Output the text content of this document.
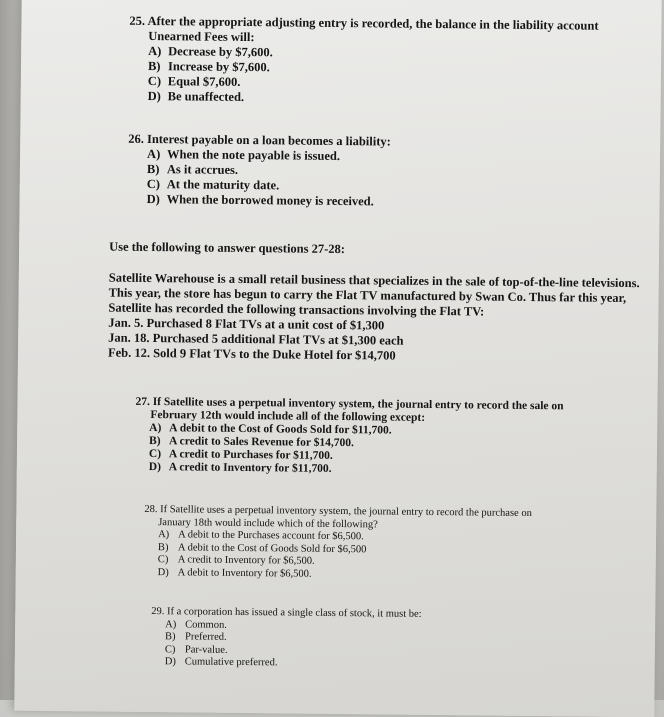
25. After the appropriate adjusting entry is recorded, the balance in the liability account
Unearned Fees will:
A) Decrease by $7,600.
B) Increase by $7,600.
C) Equal $7,600.
D) Be unaffected.
26. Interest payable on a loan becomes a liability:
A) When the note payable is issued.
B) As it accrues.
C) At the maturity date.
D) When the borrowed money is received.
Use the following to answer questions 27-28:

Satellite Warehouse is a small retail business that specializes in the sale of top-of-the-line televisions. This year, the store has begun to carry the Flat TV manufactured by Swan Co. Thus far this year, Satellite has recorded the following transactions involving the Flat TV:

Jan. 5. Purchased 8 Flat TVs at a unit cost of $1,300
Jan. 18. Purchased 5 additional Flat TVs at $1,300 each
Feb. 12. Sold 9 Flat TVs to the Duke Hotel for $14,700
27. If Satellite uses a perpetual inventory system, the journal entry to record the sale on
February 12th would include all of the following except:
A) A debit to the Cost of Goods Sold for $11,700.
B) A credit to Sales Revenue for $14,700.
C) A credit to Purchases for $11,700.
D) A credit to Inventory for $11,700.
28. If Satellite uses a perpetual inventory system, the journal entry to record the purchase on
January 18th would include which of the following?
A) A debit to the Purchases account for $6,500.
B) A debit to the Cost of Goods Sold for $6,500
C) A credit to Inventory for $6,500.
D) A debit to Inventory for $6,500.
29. If a corporation has issued a single class of stock, it must be:
A) Common.
B) Preferred.
C) Par-value.
D) Cumulative preferred.
